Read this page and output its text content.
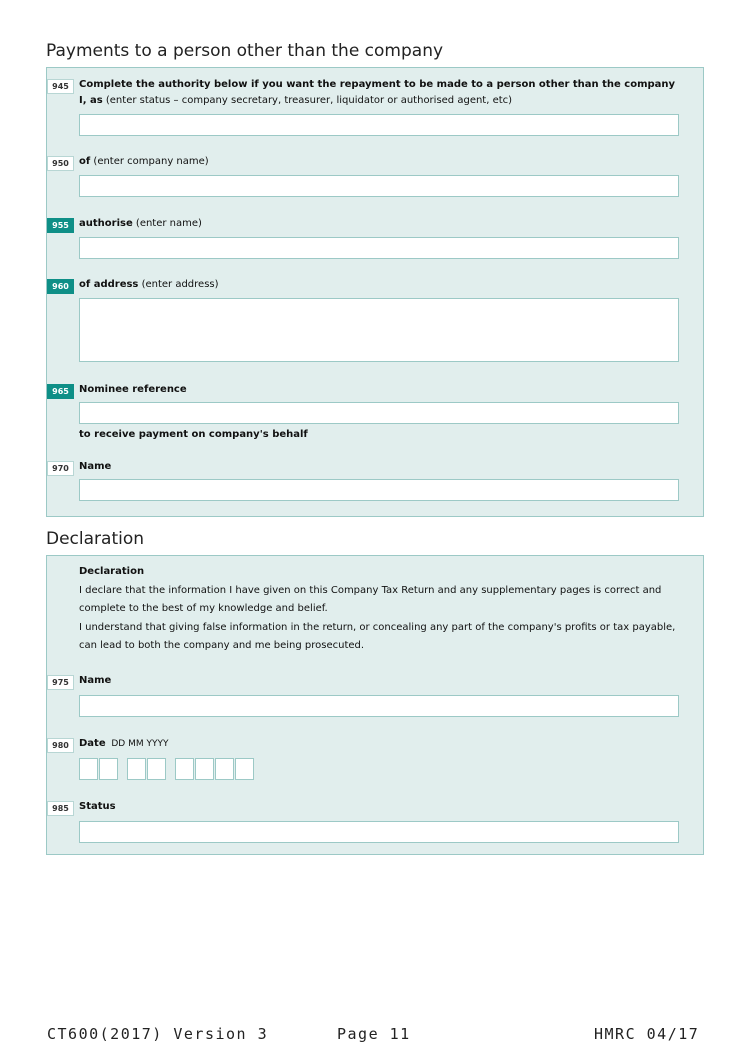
Payments to a person other than the company
945	Complete the authority below if you want the repayment to be made to a person other than the company
I, as (enter status – company secretary, treasurer, liquidator or authorised agent, etc)
950	of (enter company name)
955	authorise (enter name)
960	of address (enter address)
965	Nominee reference
to receive payment on company's behalf
970	Name
Declaration
Declaration
I declare that the information I have given on this Company Tax Return and any supplementary pages is correct and complete to the best of my knowledge and belief.
I understand that giving false information in the return, or concealing any part of the company's profits or tax payable, can lead to both the company and me being prosecuted.
975	Name
980	Date  DD MM YYYY
985	Status
CT600(2017) Version 3	Page 11	HMRC 04/17
